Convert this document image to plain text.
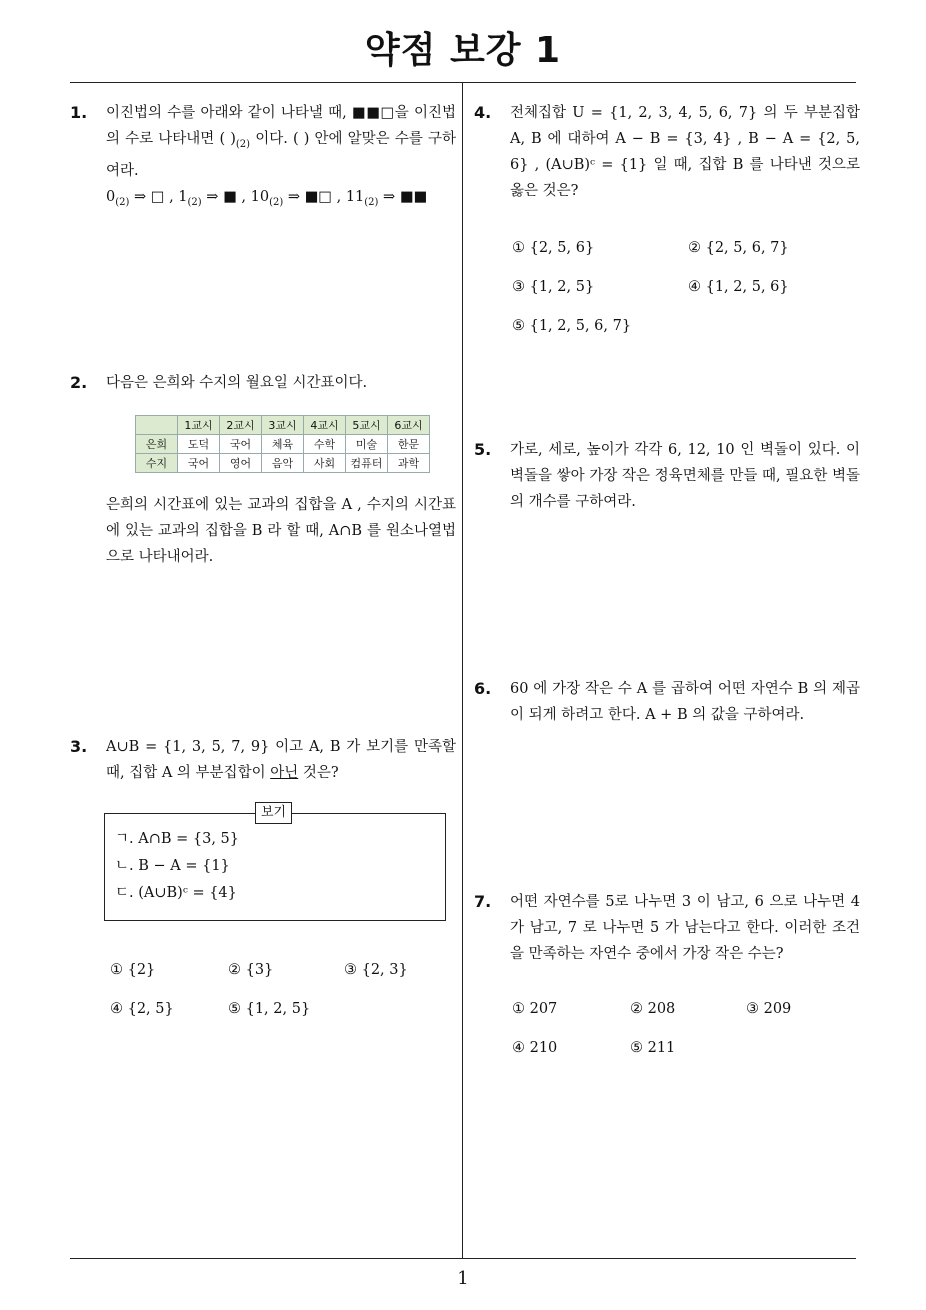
약점 보강 1
1
1. 이진법의 수를 아래와 같이 나타낼 때, ■■□을 이진법의 수로 나타내면 ( )$_{(2)}$ 이다. ( ) 안에 알맞은 수를 구하여라.
$0_{(2)}$ ⇒ □ , $1_{(2)}$ ⇒ ■ , $10_{(2)}$ ⇒ ■□ , $11_{(2)}$ ⇒ ■■
2. 다음은 은희와 수지의 월요일 시간표이다.
	1교시	2교시	3교시	4교시	5교시	6교시
은희	도덕	국어	체육	수학	미술	한문
수지	국어	영어	음악	사회	컴퓨터	과학
은희의 시간표에 있는 교과의 집합을 A , 수지의 시간표에 있는 교과의 집합을 B 라 할 때, A∩B 를 원소나열법으로 나타내어라.
3. A∪B = {1, 3, 5, 7, 9} 이고 A, B 가 보기를 만족할 때, 집합 A 의 부분집합이 아닌 것은?
보기
ㄱ. A∩B = {3, 5}
ㄴ. B − A = {1}
ㄷ. (A∪B)ᶜ = {4}
① {2}	② {3}	③ {2, 3}
④ {2, 5}	⑤ {1, 2, 5}
4. 전체집합 U = {1, 2, 3, 4, 5, 6, 7} 의 두 부분집합 A, B 에 대하여 A − B = {3, 4} , B − A = {2, 5, 6} , (A∪B)ᶜ = {1} 일 때, 집합 B 를 나타낸 것으로 옳은 것은?
① {2, 5, 6}	② {2, 5, 6, 7}
③ {1, 2, 5}	④ {1, 2, 5, 6}
⑤ {1, 2, 5, 6, 7}
5. 가로, 세로, 높이가 각각 6, 12, 10 인 벽돌이 있다. 이 벽돌을 쌓아 가장 작은 정육면체를 만들 때, 필요한 벽돌의 개수를 구하여라.
6. 60 에 가장 작은 수 A 를 곱하여 어떤 자연수 B 의 제곱이 되게 하려고 한다. A + B 의 값을 구하여라.
7. 어떤 자연수를 5로 나누면 3 이 남고, 6 으로 나누면 4 가 남고, 7 로 나누면 5 가 남는다고 한다. 이러한 조건을 만족하는 자연수 중에서 가장 작은 수는?
① 207	② 208	③ 209
④ 210	⑤ 211
